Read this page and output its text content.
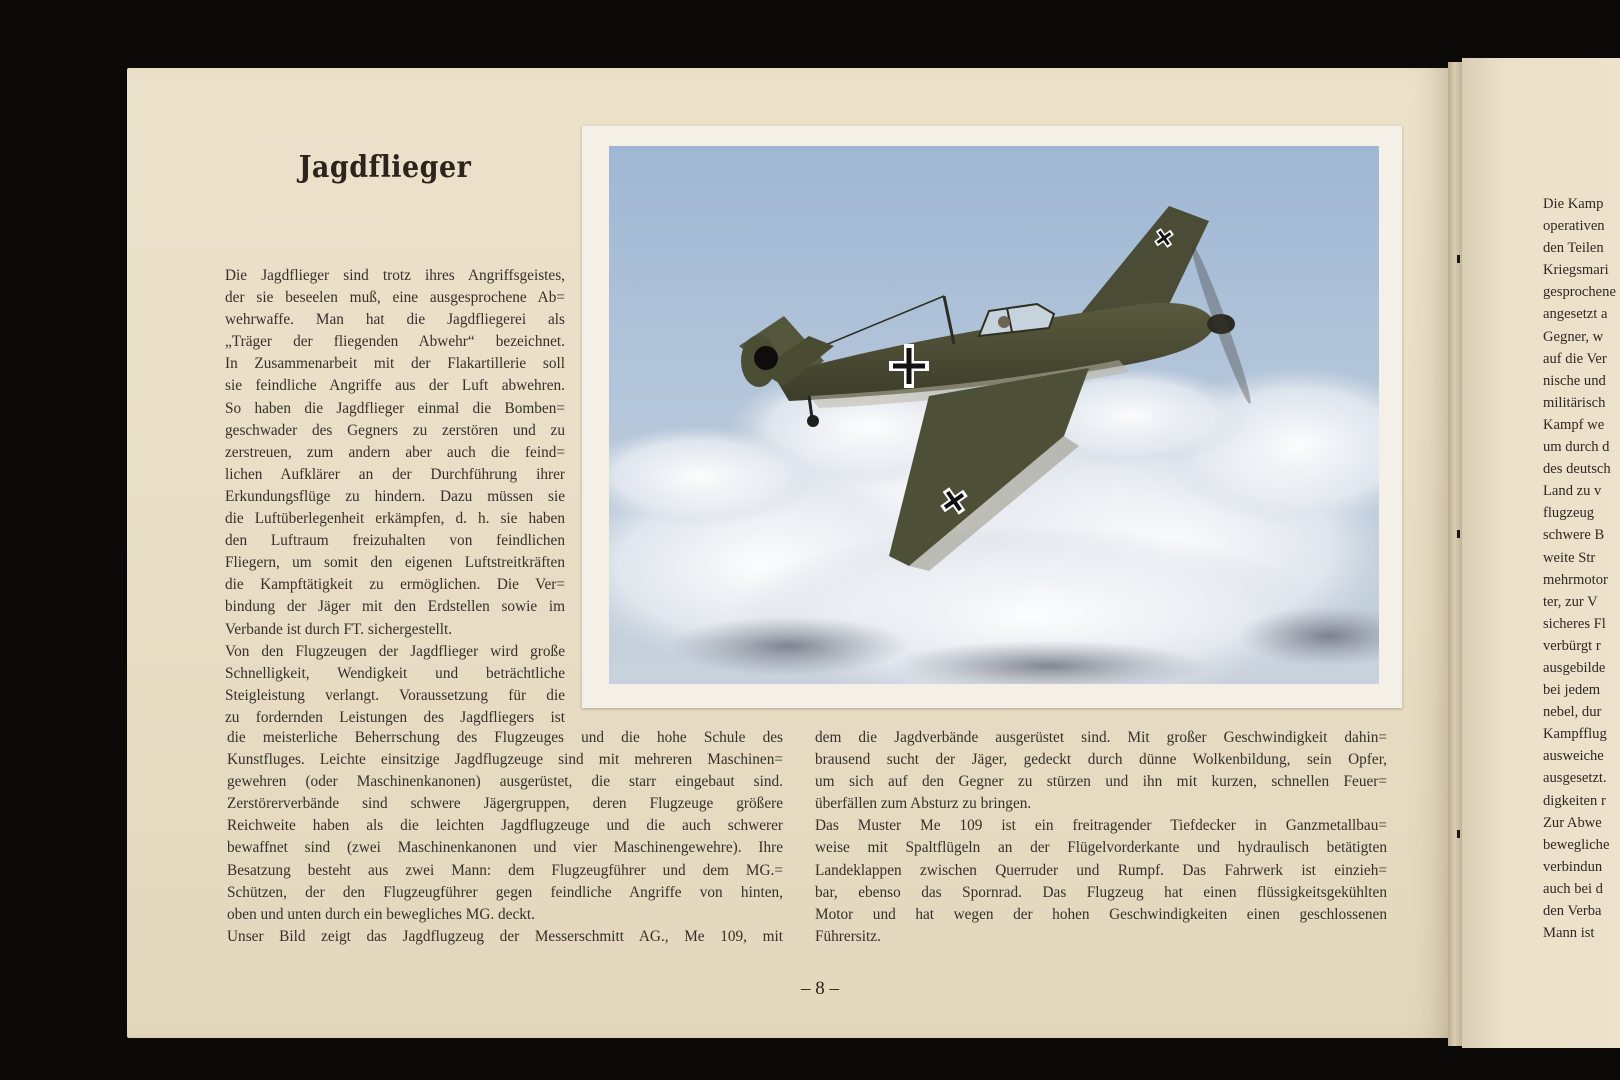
Jagdflieger
Die Jagdflieger sind trotz ihres Angriffsgeistes,
der sie beseelen muß, eine ausgesprochene Ab=
wehrwaffe. Man hat die Jagdfliegerei als
„Träger der fliegenden Abwehr“ bezeichnet.
In Zusammenarbeit mit der Flakartillerie soll
sie feindliche Angriffe aus der Luft abwehren.
So haben die Jagdflieger einmal die Bomben=
geschwader des Gegners zu zerstören und zu
zerstreuen, zum andern aber auch die feind=
lichen Aufklärer an der Durchführung ihrer
Erkundungsflüge zu hindern. Dazu müssen sie
die Luftüberlegenheit erkämpfen, d. h. sie haben
den Luftraum freizuhalten von feindlichen
Fliegern, um somit den eigenen Luftstreitkräften
die Kampftätigkeit zu ermöglichen. Die Ver=
bindung der Jäger mit den Erdstellen sowie im
Verbande ist durch FT. sichergestellt.
Von den Flugzeugen der Jagdflieger wird große
Schnelligkeit, Wendigkeit und beträchtliche
Steigleistung verlangt. Voraussetzung für die
zu fordernden Leistungen des Jagdfliegers ist
die meisterliche Beherrschung des Flugzeuges und die hohe Schule des
Kunstfluges. Leichte einsitzige Jagdflugzeuge sind mit mehreren Maschinen=
gewehren (oder Maschinenkanonen) ausgerüstet, die starr eingebaut sind.
Zerstörerverbände sind schwere Jägergruppen, deren Flugzeuge größere
Reichweite haben als die leichten Jagdflugzeuge und die auch schwerer
bewaffnet sind (zwei Maschinenkanonen und vier Maschinengewehre). Ihre
Besatzung besteht aus zwei Mann: dem Flugzeugführer und dem MG.=
Schützen, der den Flugzeugführer gegen feindliche Angriffe von hinten,
oben und unten durch ein bewegliches MG. deckt.
Unser Bild zeigt das Jagdflugzeug der Messerschmitt AG., Me 109, mit
dem die Jagdverbände ausgerüstet sind. Mit großer Geschwindigkeit dahin=
brausend sucht der Jäger, gedeckt durch dünne Wolkenbildung, sein Opfer,
um sich auf den Gegner zu stürzen und ihn mit kurzen, schnellen Feuer=
überfällen zum Absturz zu bringen.
Das Muster Me 109 ist ein freitragender Tiefdecker in Ganzmetallbau=
weise mit Spaltflügeln an der Flügelvorderkante und hydraulisch betätigten
Landeklappen zwischen Querruder und Rumpf. Das Fahrwerk ist einzieh=
bar, ebenso das Spornrad. Das Flugzeug hat einen flüssigkeitsgekühlten
Motor und hat wegen der hohen Geschwindigkeiten einen geschlossenen
Führersitz.
Die Kamp
operativen
den Teilen
Kriegsmari
gesprochene
angesetzt a
Gegner, w
auf die Ver
nische und
militärisch
Kampf we
um durch d
des deutsch
Land zu v
flugzeug
schwere B
weite Str
mehrmotor
ter, zur V
sicheres Fl
verbürgt r
ausgebilde
bei jedem
nebel, dur
Kampfflug
ausweiche
ausgesetzt.
digkeiten r
Zur Abwe
bewegliche
verbindun
auch bei d
den Verba
Mann ist
– 8 –
